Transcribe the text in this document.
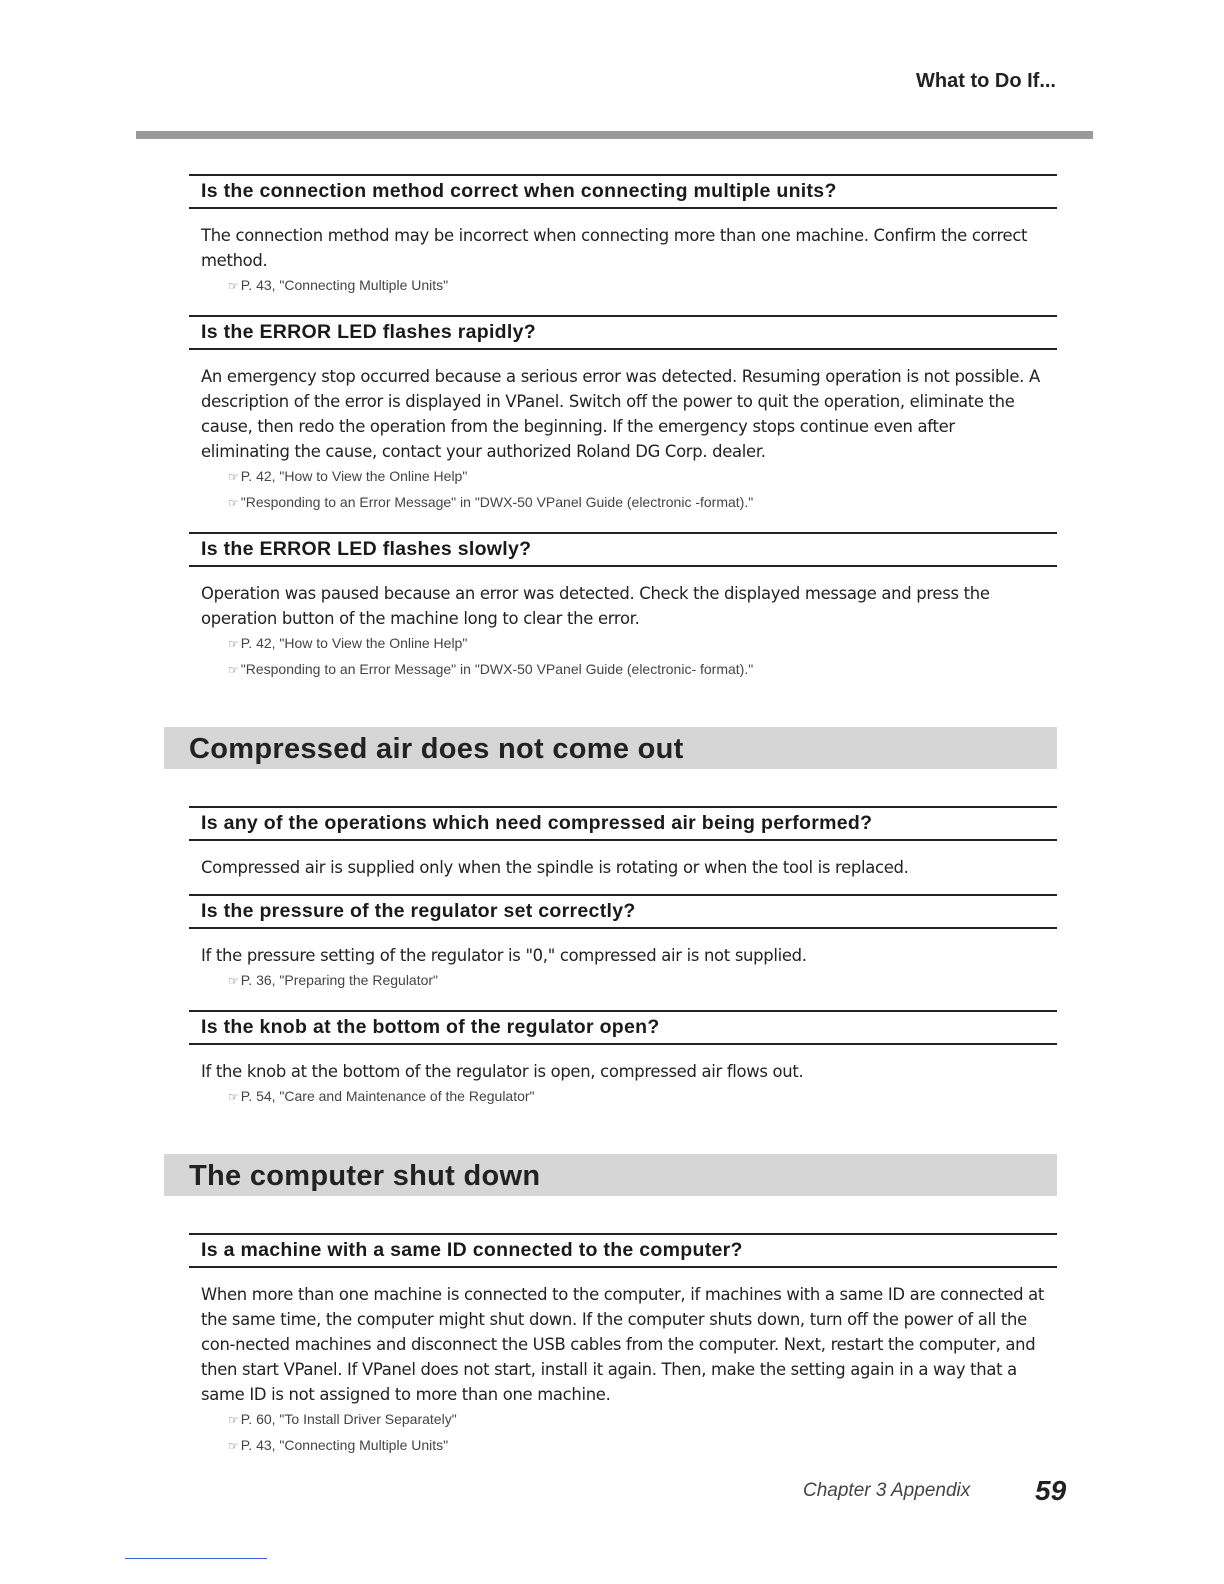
What to Do If...
Is the connection method correct when connecting multiple units?
The connection method may be incorrect when connecting more than one machine. Confirm the correct method.
☞ P. 43, "Connecting Multiple Units"
Is the ERROR LED flashes rapidly?
An emergency stop occurred because a serious error was detected. Resuming operation is not possible. A description of the error is displayed in VPanel. Switch off the power to quit the operation, eliminate the cause, then redo the operation from the beginning. If the emergency stops continue even after eliminating the cause, contact your authorized Roland DG Corp. dealer.
☞ P. 42, "How to View the Online Help"
☞ "Responding to an Error Message" in "DWX-50 VPanel Guide (electronic -format)."
Is the ERROR LED flashes slowly?
Operation was paused because an error was detected. Check the displayed message and press the operation button of the machine long to clear the error.
☞ P. 42, "How to View the Online Help"
☞ "Responding to an Error Message" in "DWX-50 VPanel Guide (electronic- format)."
Compressed air does not come out
Is any of the operations which need compressed air being performed?
Compressed air is supplied only when the spindle is rotating or when the tool is replaced.
Is the pressure of the regulator set correctly?
If the pressure setting of the regulator is "0," compressed air is not supplied.
☞ P. 36, "Preparing the Regulator"
Is the knob at the bottom of the regulator open?
If the knob at the bottom of the regulator is open, compressed air flows out.
☞ P. 54, "Care and Maintenance of the Regulator"
The computer shut down
Is a machine with a same ID connected to the computer?
When more than one machine is connected to the computer, if machines with a same ID are connected at the same time, the computer might shut down. If the computer shuts down, turn off the power of all the con-nected machines and disconnect the USB cables from the computer. Next, restart the computer, and then start VPanel. If VPanel does not start, install it again. Then, make the setting again in a way that a same ID is not assigned to more than one machine.
☞ P. 60, "To Install Driver Separately"
☞ P. 43, "Connecting Multiple Units"
Chapter 3 Appendix 59
